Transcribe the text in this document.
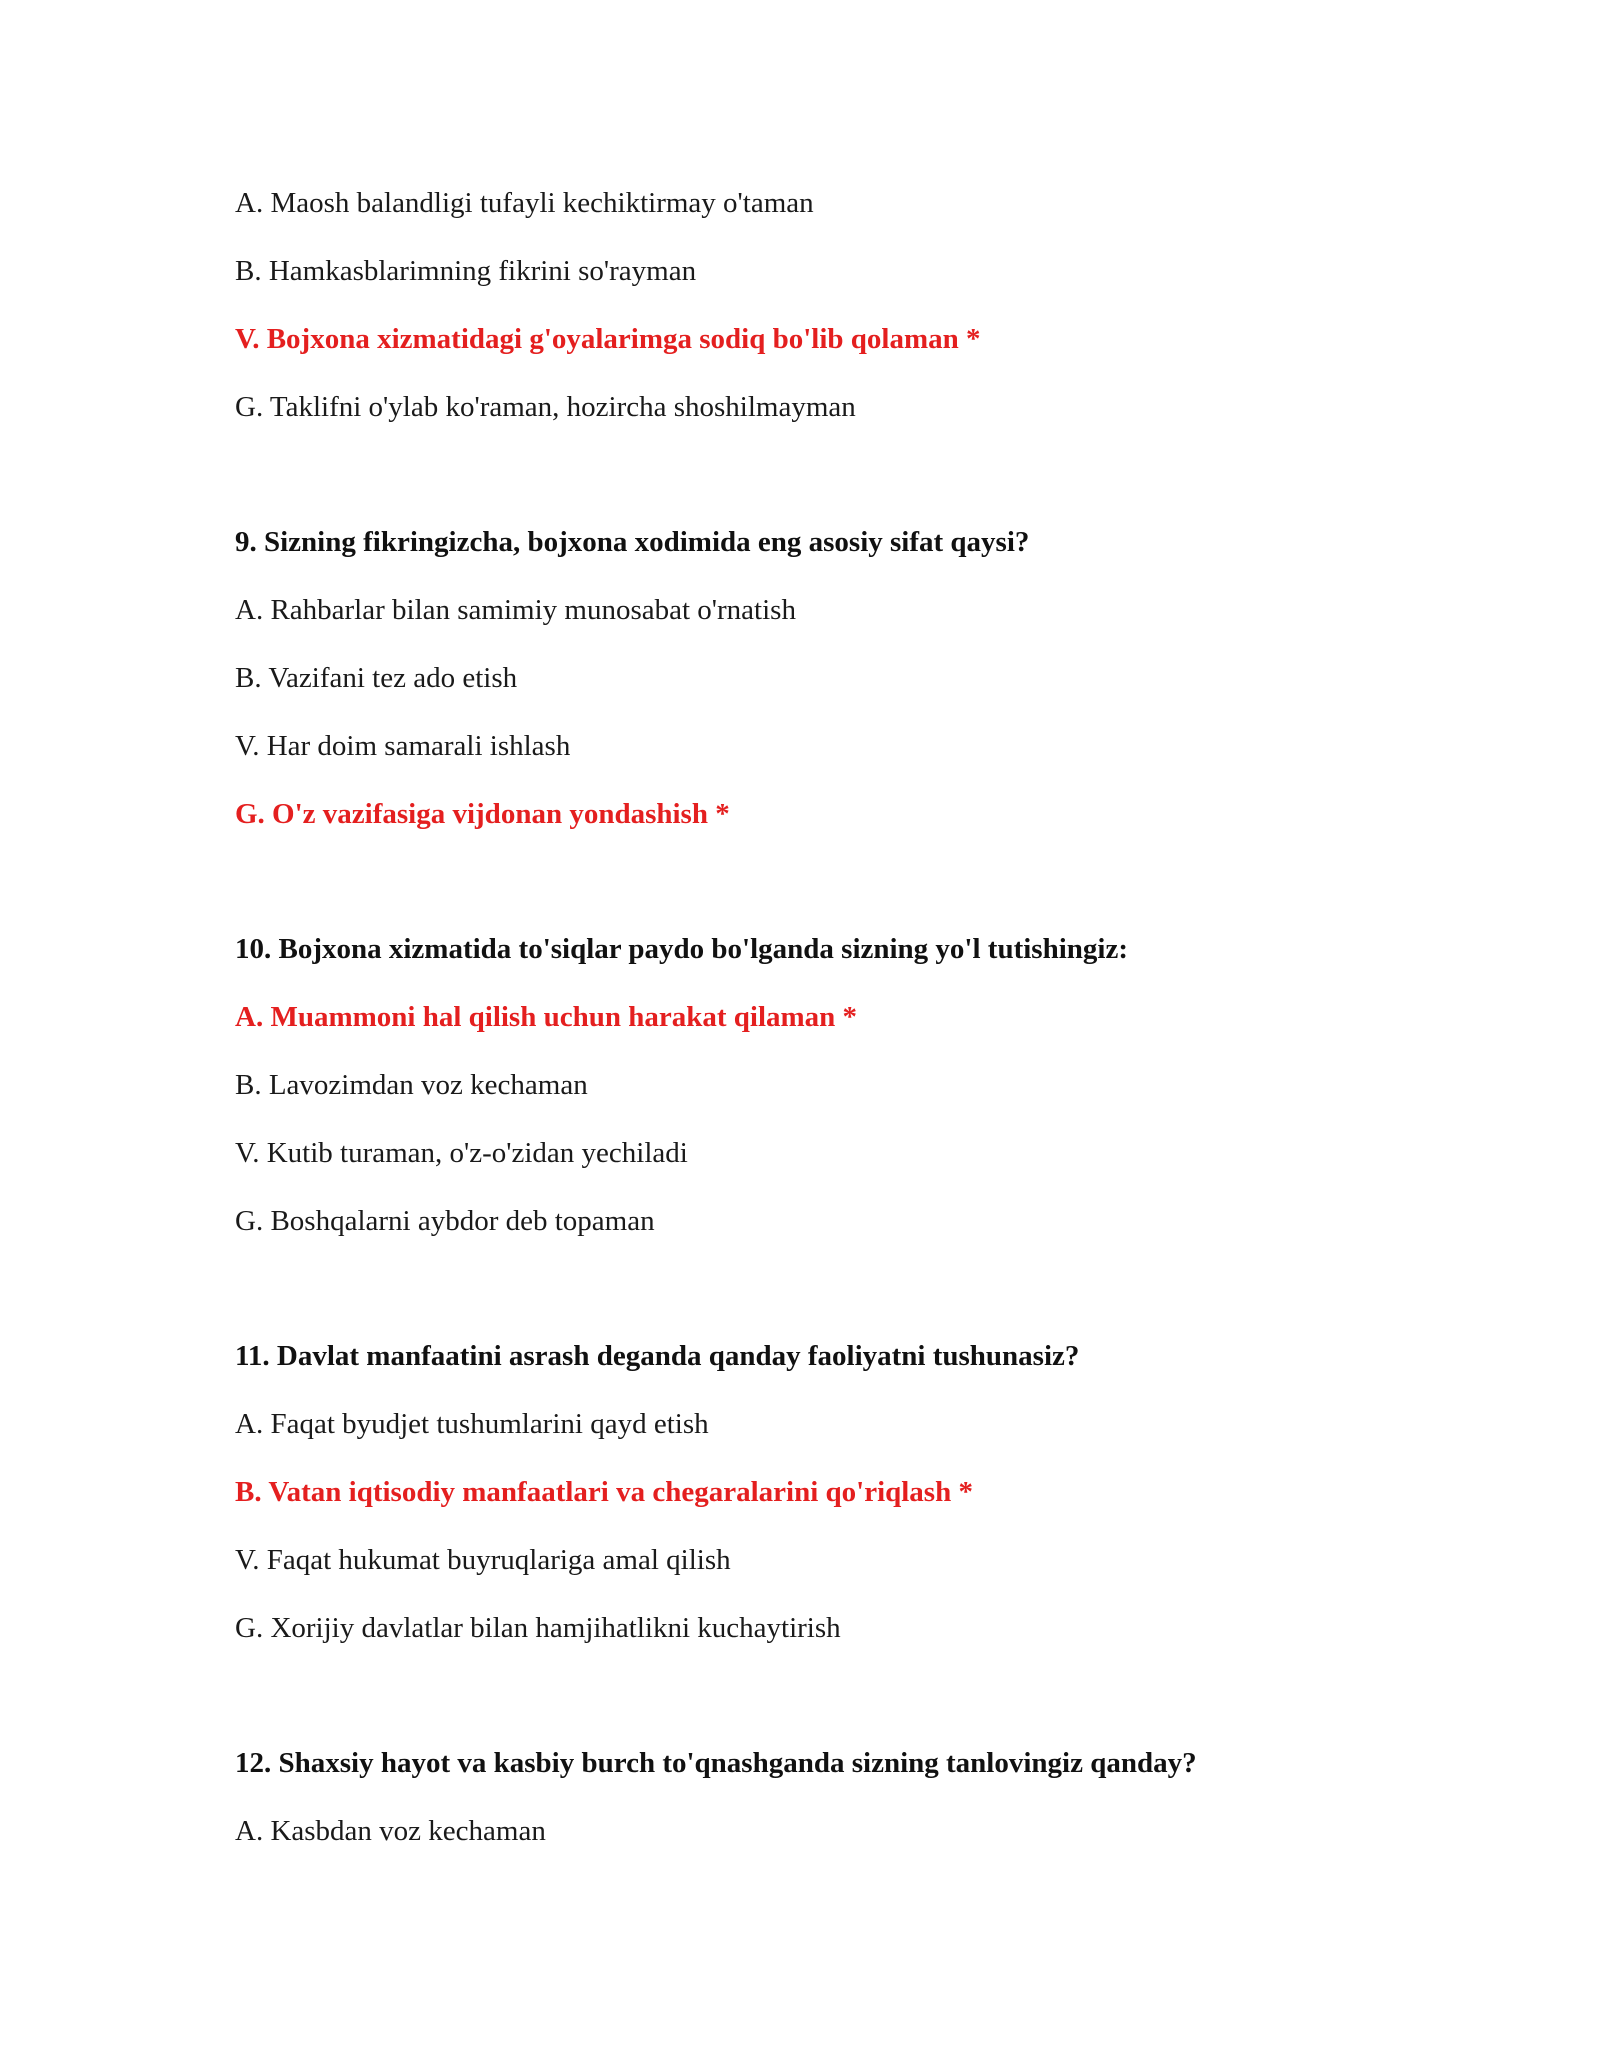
A. Maosh balandligi tufayli kechiktirmay o'taman
B. Hamkasblarimning fikrini so'rayman
V. Bojxona xizmatidagi g'oyalarimga sodiq bo'lib qolaman *
G. Taklifni o'ylab ko'raman, hozircha shoshilmayman
9. Sizning fikringizcha, bojxona xodimida eng asosiy sifat qaysi?
A. Rahbarlar bilan samimiy munosabat o'rnatish
B. Vazifani tez ado etish
V. Har doim samarali ishlash
G. O'z vazifasiga vijdonan yondashish *
10. Bojxona xizmatida to'siqlar paydo bo'lganda sizning yo'l tutishingiz:
A. Muammoni hal qilish uchun harakat qilaman *
B. Lavozimdan voz kechaman
V. Kutib turaman, o'z-o'zidan yechiladi
G. Boshqalarni aybdor deb topaman
11. Davlat manfaatini asrash deganda qanday faoliyatni tushunasiz?
A. Faqat byudjet tushumlarini qayd etish
B. Vatan iqtisodiy manfaatlari va chegaralarini qo'riqlash *
V. Faqat hukumat buyruqlariga amal qilish
G. Xorijiy davlatlar bilan hamjihatlikni kuchaytirish
12. Shaxsiy hayot va kasbiy burch to'qnashganda sizning tanlovingiz qanday?
A. Kasbdan voz kechaman
